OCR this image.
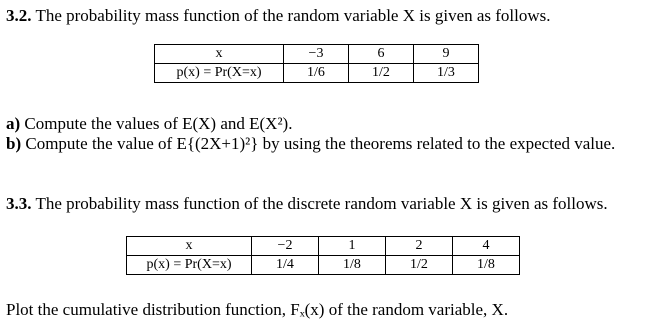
3.2. The probability mass function of the random variable X is given as follows.
x	−3	6	9
p(x) = Pr(X=x)	1/6	1/2	1/3
a) Compute the values of E(X) and E(X²).
b) Compute the value of E{(2X+1)²} by using the theorems related to the expected value.
3.3. The probability mass function of the discrete random variable X is given as follows.
x	−2	1	2	4
p(x) = Pr(X=x)	1/4	1/8	1/2	1/8
Plot the cumulative distribution function, Fₓ(x) of the random variable, X.
